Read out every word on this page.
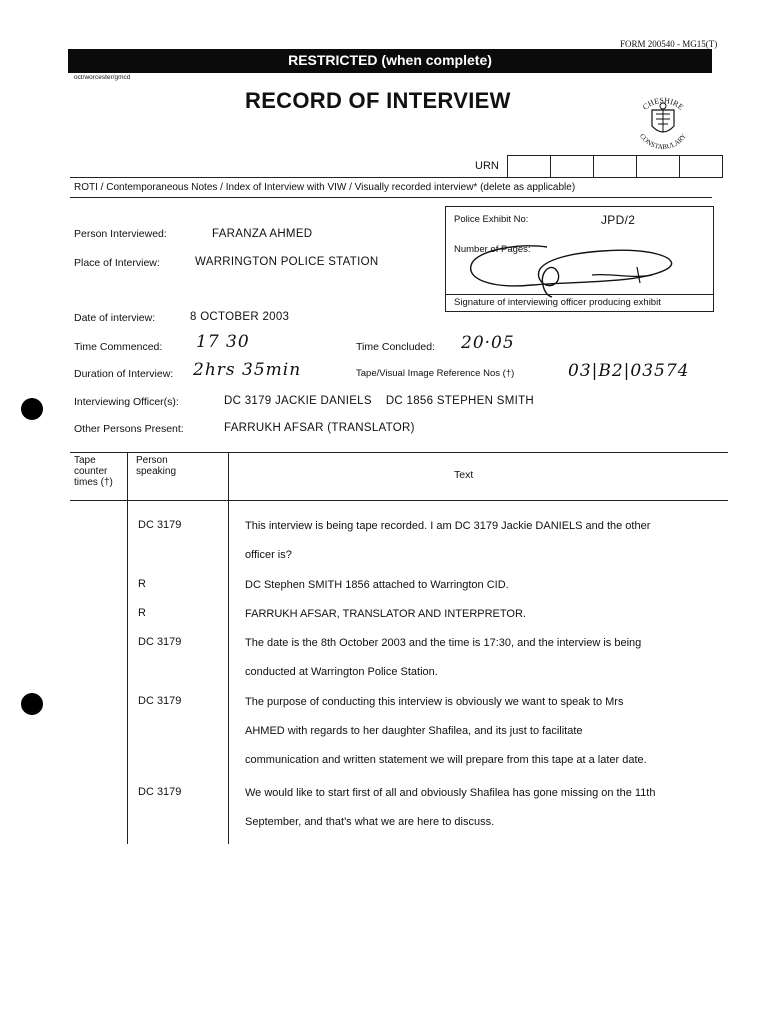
FORM 200540 - MG15(T)
RESTRICTED (when complete)
oct/worcester/gmcd
RECORD OF INTERVIEW	CHESHIRE
CONSTABULARY
URN
ROTI / Contemporaneous Notes / Index of Interview with VIW / Visually recorded interview* (delete as applicable)
Police Exhibit No:	JPD/2
Number of Pages:
Signature of interviewing officer producing exhibit
Person Interviewed:	FARANZA AHMED
Place of Interview:	WARRINGTON POLICE STATION
Date of interview:	8 OCTOBER 2003
Time Commenced: 17 30	Time Concluded: 20·05
Duration of Interview: 2hrs 35min	Tape/Visual Image Reference Nos (†)	03|B2|03574
Interviewing Officer(s):	DC 3179 JACKIE DANIELS    DC 1856 STEPHEN SMITH
Other Persons Present:	FARRUKH AFSAR (TRANSLATOR)
Tape
counter
times (†)
Person
speaking	Text
DC 3179	This interview is being tape recorded. I am DC 3179 Jackie DANIELS and the other
officer is?
R	DC Stephen SMITH 1856 attached to Warrington CID.
R	FARRUKH AFSAR, TRANSLATOR AND INTERPRETOR.
DC 3179	The date is the 8th October 2003 and the time is 17:30, and the interview is being
conducted at Warrington Police Station.
DC 3179	The purpose of conducting this interview is obviously we want to speak to Mrs
AHMED with regards to her daughter Shafilea, and its just to facilitate
communication and written statement we will prepare from this tape at a later date.
DC 3179	We would like to start first of all and obviously Shafilea has gone missing on the 11th
September, and that's what we are here to discuss.
